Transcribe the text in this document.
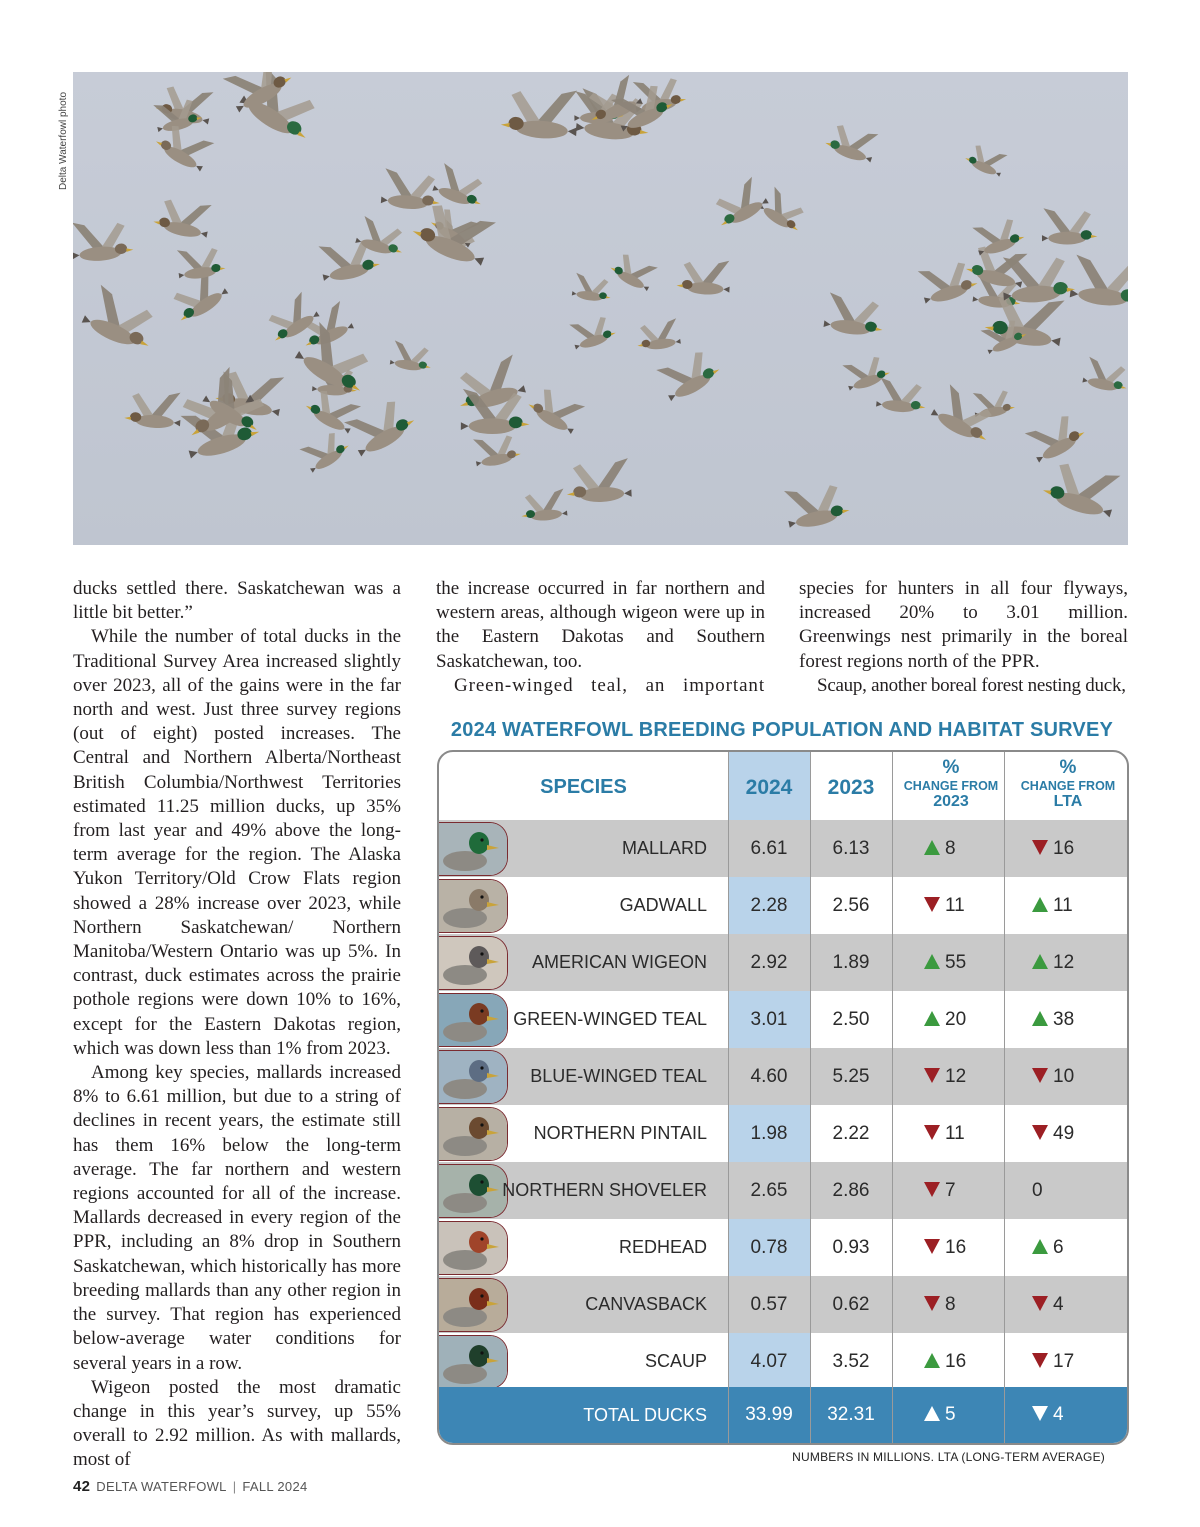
Delta Waterfowl photo

ducks settled there. Saskatchewan was a little bit better.”

While the number of total ducks in the Traditional Survey Area increased slightly over 2023, all of the gains were in the far north and west. Just three survey regions (out of eight) posted increases. The Central and Northern Alberta/Northeast British Columbia/Northwest Territories estimated 11.25 million ducks, up 35% from last year and 49% above the long-term average for the region. The Alaska Yukon Territory/Old Crow Flats region showed a 28% increase over 2023, while Northern Saskatchewan/ Northern Manitoba/Western Ontario was up 5%. In contrast, duck estimates across the prairie pothole regions were down 10% to 16%, except for the Eastern Dakotas region, which was down less than 1% from 2023.

Among key species, mallards increased 8% to 6.61 million, but due to a string of declines in recent years, the estimate still has them 16% below the long-term average. The far northern and western regions accounted for all of the increase. Mallards decreased in every region of the PPR, including an 8% drop in Southern Saskatchewan, which historically has more breeding mallards than any other region in the survey. That region has experienced below-average water conditions for several years in a row.

Wigeon posted the most dramatic change in this year’s survey, up 55% overall to 2.92 million. As with mallards, most of

the increase occurred in far northern and western areas, although wigeon were up in the Eastern Dakotas and Southern Saskatchewan, too.

Green-winged teal, an important

species for hunters in all four flyways, increased 20% to 3.01 million. Greenwings nest primarily in the boreal forest regions north of the PPR.

Scaup, another boreal forest nesting duck,

2024 WATERFOWL BREEDING POPULATION AND HABITAT SURVEY
SPECIES	2024	2023
%
CHANGE FROM
2023
%
CHANGE FROM
LTA
MALLARD	6.61	6.13	8	16
GADWALL	2.28	2.56	11	11
AMERICAN WIGEON	2.92	1.89	55	12
GREEN-WINGED TEAL	3.01	2.50	20	38
BLUE-WINGED TEAL	4.60	5.25	12	10
NORTHERN PINTAIL	1.98	2.22	11	49
NORTHERN SHOVELER	2.65	2.86	7	0
REDHEAD	0.78	0.93	16	6
CANVASBACK	0.57	0.62	8	4
SCAUP	4.07	3.52	16	17
TOTAL DUCKS	33.99	32.31	5	4
NUMBERS IN MILLIONS. LTA (LONG-TERM AVERAGE)
42 DELTA WATERFOWL | FALL 2024
